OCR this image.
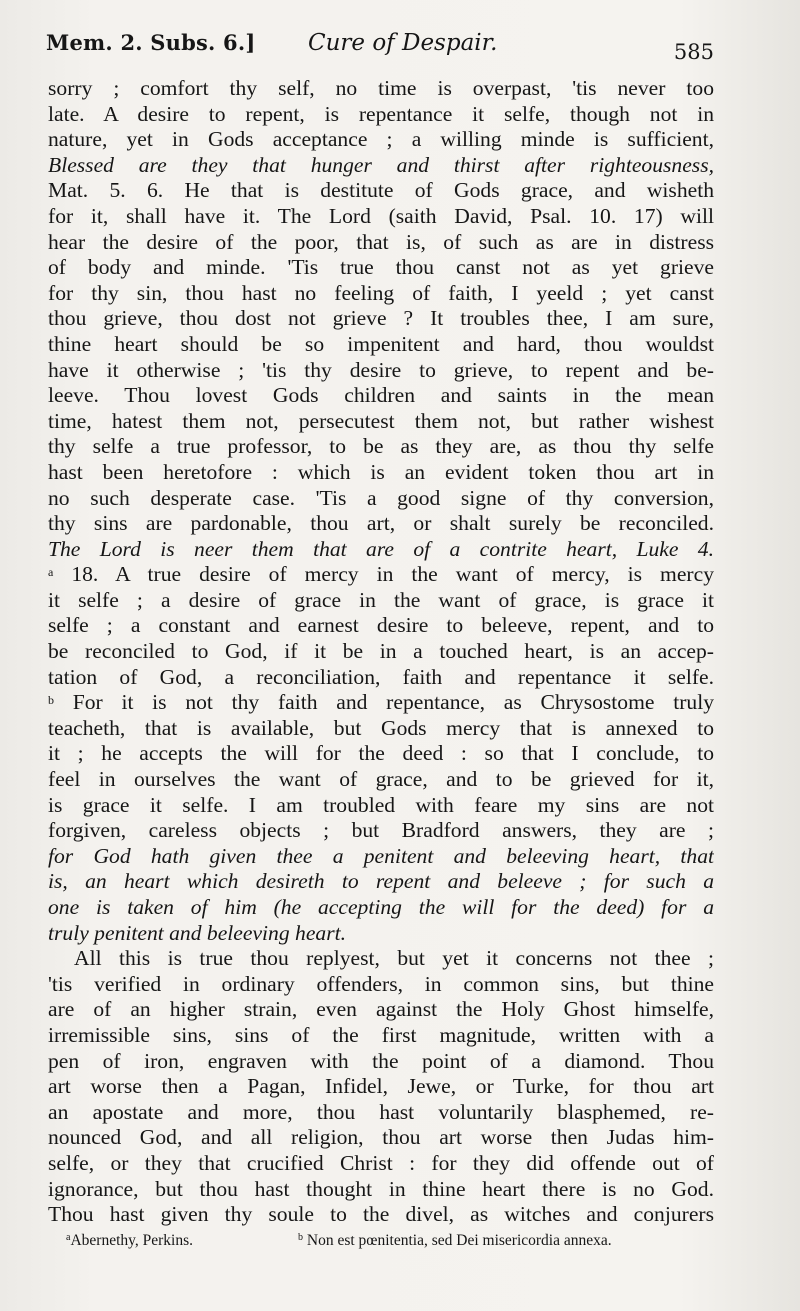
Mem. 2. Subs. 6.] Cure of Despair.	585
sorry ; comfort thy self, no time is overpast, 'tis never too
late. A desire to repent, is repentance it selfe, though not in
nature, yet in Gods acceptance ; a willing minde is sufficient,
Blessed are they that hunger and thirst after righteousness,
Mat. 5. 6. He that is destitute of Gods grace, and wisheth
for it, shall have it. The Lord (saith David, Psal. 10. 17) will
hear the desire of the poor, that is, of such as are in distress
of body and minde. 'Tis true thou canst not as yet grieve
for thy sin, thou hast no feeling of faith, I yeeld ; yet canst
thou grieve, thou dost not grieve ? It troubles thee, I am sure,
thine heart should be so impenitent and hard, thou wouldst
have it otherwise ; 'tis thy desire to grieve, to repent and be-
leeve. Thou lovest Gods children and saints in the mean
time, hatest them not, persecutest them not, but rather wishest
thy selfe a true professor, to be as they are, as thou thy selfe
hast been heretofore : which is an evident token thou art in
no such desperate case. 'Tis a good signe of thy conversion,
thy sins are pardonable, thou art, or shalt surely be reconciled.
The Lord is neer them that are of a contrite heart, Luke 4.
$^a$ 18. A true desire of mercy in the want of mercy, is mercy
it selfe ; a desire of grace in the want of grace, is grace it
selfe ; a constant and earnest desire to beleeve, repent, and to
be reconciled to God, if it be in a touched heart, is an accep-
tation of God, a reconciliation, faith and repentance it selfe.
$^b$ For it is not thy faith and repentance, as Chrysostome truly
teacheth, that is available, but Gods mercy that is annexed to
it ; he accepts the will for the deed : so that I conclude, to
feel in ourselves the want of grace, and to be grieved for it,
is grace it selfe. I am troubled with feare my sins are not
forgiven, careless objects ; but Bradford answers, they are ;
for God hath given thee a penitent and beleeving heart, that
is, an heart which desireth to repent and beleeve ; for such a
one is taken of him (he accepting the will for the deed) for a
truly penitent and beleeving heart.
All this is true thou replyest, but yet it concerns not thee ;
'tis verified in ordinary offenders, in common sins, but thine
are of an higher strain, even against the Holy Ghost himselfe,
irremissible sins, sins of the first magnitude, written with a
pen of iron, engraven with the point of a diamond. Thou
art worse then a Pagan, Infidel, Jewe, or Turke, for thou art
an apostate and more, thou hast voluntarily blasphemed, re-
nounced God, and all religion, thou art worse then Judas him-
selfe, or they that crucified Christ : for they did offende out of
ignorance, but thou hast thought in thine heart there is no God.
Thou hast given thy soule to the divel, as witches and conjurers
$^a$Abernethy, Perkins.	$^b$ Non est pœnitentia, sed Dei misericordia annexa.
